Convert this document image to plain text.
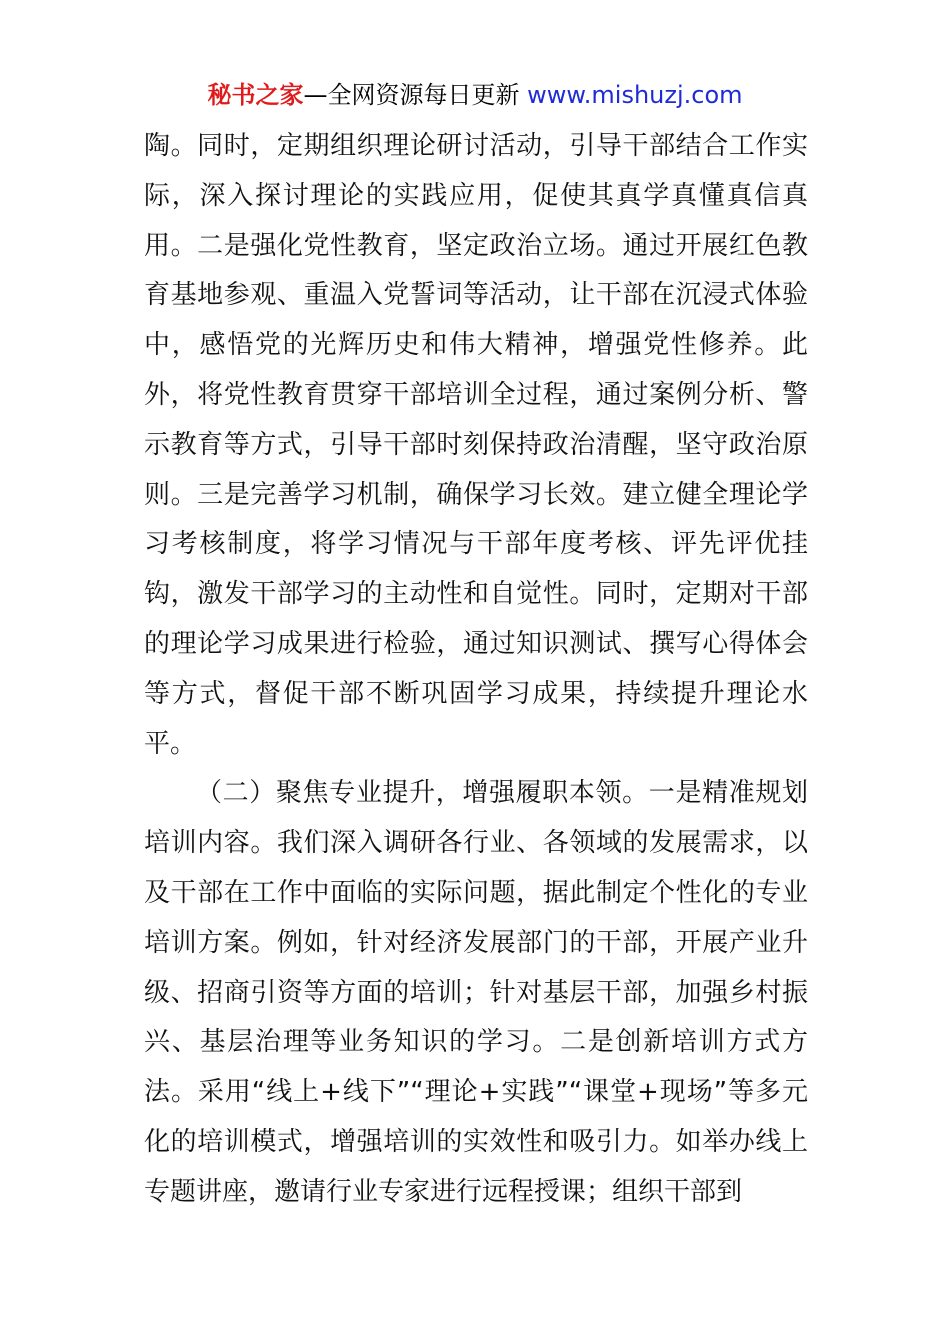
秘书之家—全网资源每日更新 www.mishuzj.com

陶。同时，定期组织理论研讨活动，引导干部结合工作实际，深入探讨理论的实践应用，促使其真学真懂真信真用。二是强化党性教育，坚定政治立场。通过开展红色教育基地参观、重温入党誓词等活动，让干部在沉浸式体验中，感悟党的光辉历史和伟大精神，增强党性修养。此外，将党性教育贯穿干部培训全过程，通过案例分析、警示教育等方式，引导干部时刻保持政治清醒，坚守政治原则。三是完善学习机制，确保学习长效。建立健全理论学习考核制度，将学习情况与干部年度考核、评先评优挂钩，激发干部学习的主动性和自觉性。同时，定期对干部的理论学习成果进行检验，通过知识测试、撰写心得体会等方式，督促干部不断巩固学习成果，持续提升理论水平。

（二）聚焦专业提升，增强履职本领。一是精准规划培训内容。我们深入调研各行业、各领域的发展需求，以及干部在工作中面临的实际问题，据此制定个性化的专业培训方案。例如，针对经济发展部门的干部，开展产业升级、招商引资等方面的培训；针对基层干部，加强乡村振兴、基层治理等业务知识的学习。二是创新培训方式方法。采用“线上+线下”“理论+实践”“课堂+现场”等多元化的培训模式，增强培训的实效性和吸引力。如举办线上专题讲座，邀请行业专家进行远程授课；组织干部到
